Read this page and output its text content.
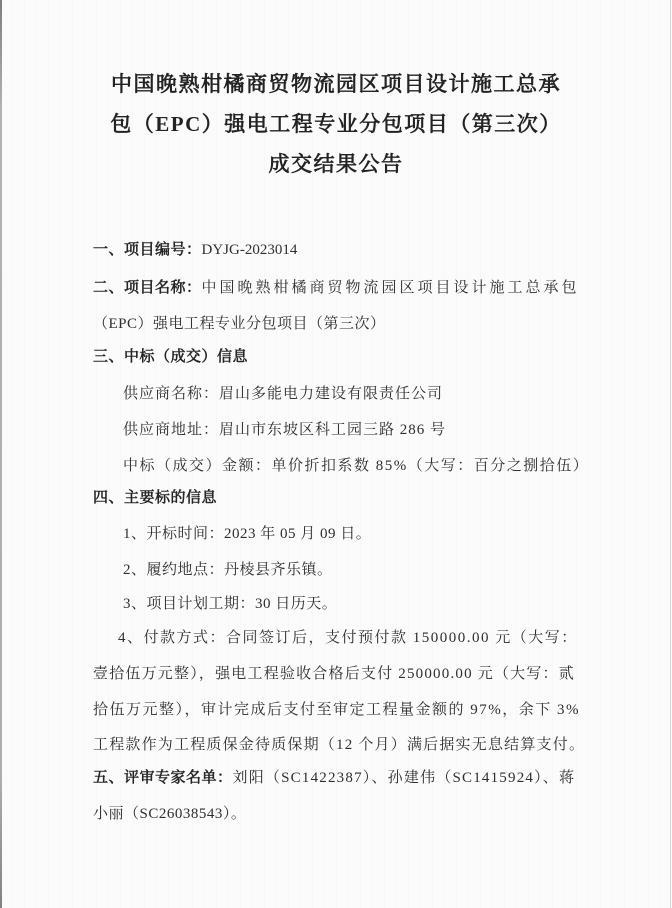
中国晚熟柑橘商贸物流园区项目设计施工总承
包（EPC）强电工程专业分包项目（第三次）
成交结果公告
一、项目编号：DYJG-2023014
二、项目名称：中国晚熟柑橘商贸物流园区项目设计施工总承包
（EPC）强电工程专业分包项目（第三次）
三、中标（成交）信息
供应商名称：眉山多能电力建设有限责任公司
供应商地址：眉山市东坡区科工园三路 286 号
中标（成交）金额：单价折扣系数 85%（大写：百分之捌拾伍）
四、主要标的信息
1、开标时间：2023 年 05 月 09 日。
2、履约地点：丹棱县齐乐镇。
3、项目计划工期：30 日历天。
4、付款方式：合同签订后，支付预付款 150000.00 元（大写：
壹拾伍万元整），强电工程验收合格后支付 250000.00 元（大写：贰
拾伍万元整），审计完成后支付至审定工程量金额的 97%，余下 3%
工程款作为工程质保金待质保期（12 个月）满后据实无息结算支付。
五、评审专家名单：刘阳（SC1422387）、孙建伟（SC1415924）、蒋
小丽（SC26038543）。
